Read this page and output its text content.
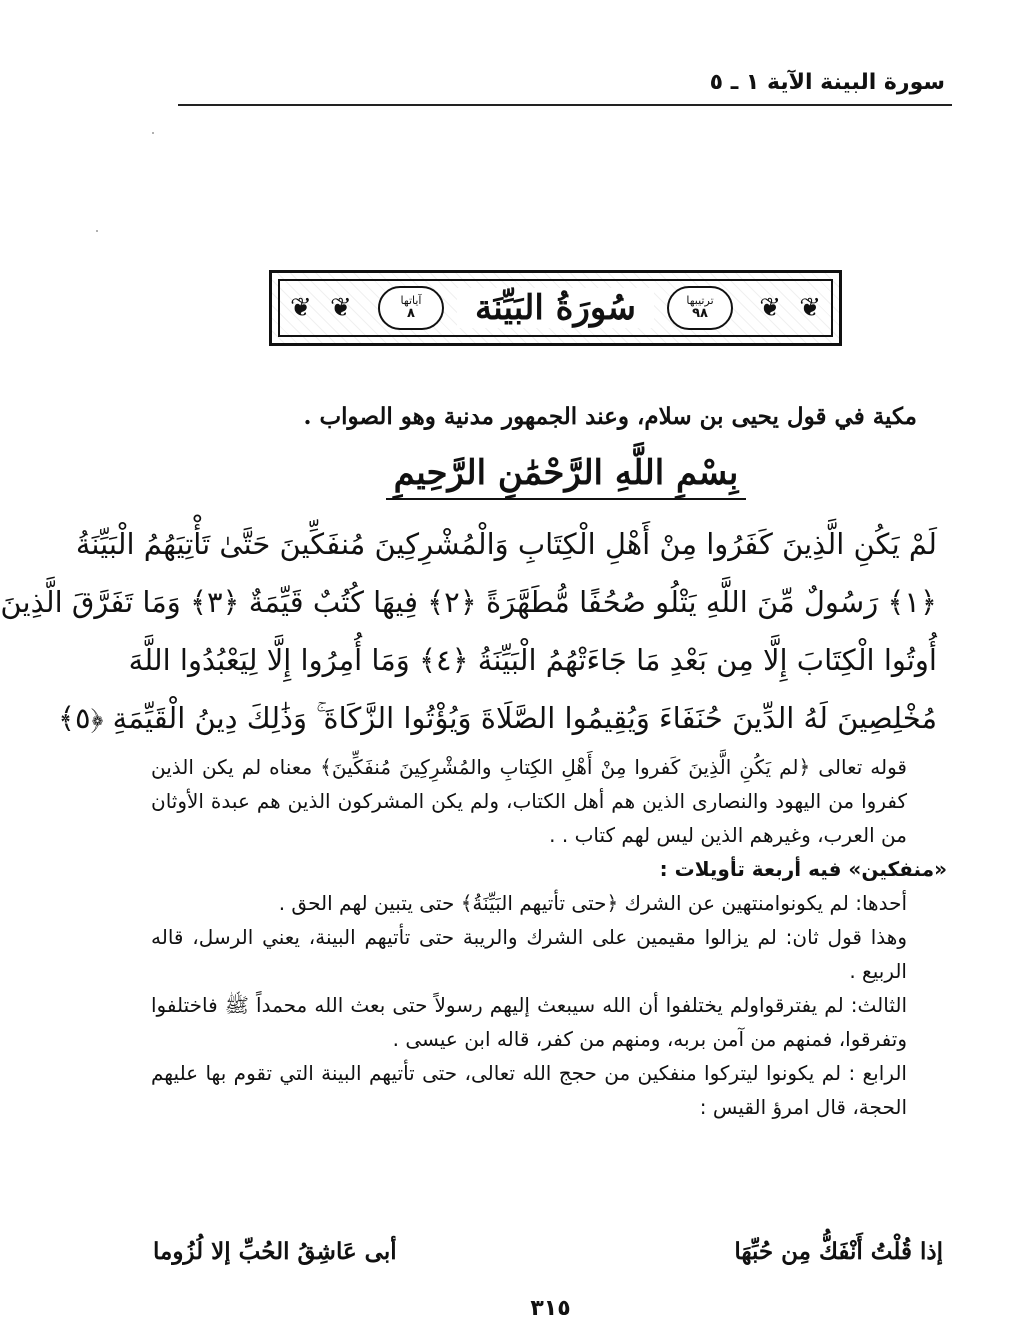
سورة البينة الآية ١ ـ ٥
❦
❦
❦ ❦	ترتيبها
٩٨
سُورَةُ البَيِّنَة
آياتها
٨
مكية في قول يحيى بن سلام، وعند الجمهور مدنية وهو الصواب .
بِسْمِ اللَّهِ الرَّحْمَٰنِ الرَّحِيمِ
لَمْ يَكُنِ الَّذِينَ كَفَرُوا مِنْ أَهْلِ الْكِتَابِ وَالْمُشْرِكِينَ مُنفَكِّينَ حَتَّىٰ تَأْتِيَهُمُ الْبَيِّنَةُ
﴿١﴾ رَسُولٌ مِّنَ اللَّهِ يَتْلُو صُحُفًا مُّطَهَّرَةً ﴿٢﴾ فِيهَا كُتُبٌ قَيِّمَةٌ ﴿٣﴾ وَمَا تَفَرَّقَ الَّذِينَ
أُوتُوا الْكِتَابَ إِلَّا مِن بَعْدِ مَا جَاءَتْهُمُ الْبَيِّنَةُ ﴿٤﴾ وَمَا أُمِرُوا إِلَّا لِيَعْبُدُوا اللَّهَ
مُخْلِصِينَ لَهُ الدِّينَ حُنَفَاءَ وَيُقِيمُوا الصَّلَاةَ وَيُؤْتُوا الزَّكَاةَ ۚ وَذَٰلِكَ دِينُ الْقَيِّمَةِ ﴿٥﴾

قوله تعالى ﴿لم يَكُنِ الَّذِينَ كَفروا مِنْ أَهْلِ الكِتابِ والمُشْرِكِينَ مُنفَكِّينَ﴾ معناه لم يكن الذين كفروا من اليهود والنصارى الذين هم أهل الكتاب، ولم يكن المشركون الذين هم عبدة الأوثان من العرب، وغيرهم الذين ليس لهم كتاب . .

«منفكين» فيه أربعة تأويلات :

أحدها: لم يكونوامنتهين عن الشرك ﴿حتى تأتيهم البَيِّنَةُ﴾ حتى يتبين لهم الحق .

وهذا قول ثان: لم يزالوا مقيمين على الشرك والريبة حتى تأتيهم البينة، يعني الرسل، قاله الربيع .

الثالث: لم يفترقواولم يختلفوا أن الله سيبعث إليهم رسولاً حتى بعث الله محمداً ﷺ فاختلفوا وتفرقوا، فمنهم من آمن بربه، ومنهم من كفر، قاله ابن عيسى .

الرابع : لم يكونوا ليتركوا منفكين من حجج الله تعالى، حتى تأتيهم البينة التي تقوم بها عليهم الحجة، قال امرؤ القيس :

إذا قُلْتُ أَنْفَكُّ مِن حُبِّهَا
أبى عَاشِقُ الحُبِّ إلا لُزُوما
٣١٥
